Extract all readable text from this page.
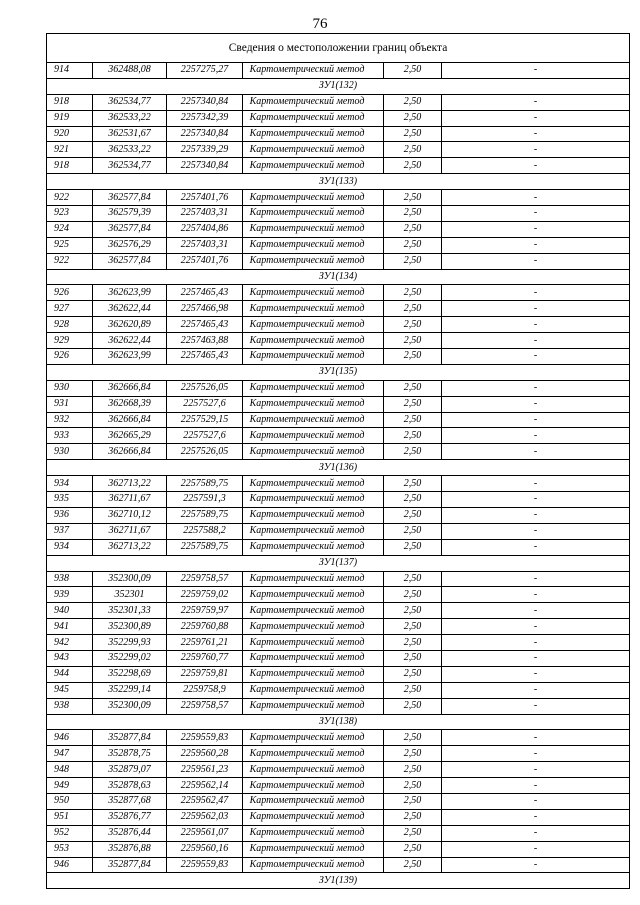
76
Сведения о местоположении границ объекта					
914	362488,08	2257275,27	Картометрический метод	2,50	-
ЗУ1(132)					
918	362534,77	2257340,84	Картометрический метод	2,50	-
919	362533,22	2257342,39	Картометрический метод	2,50	-
920	362531,67	2257340,84	Картометрический метод	2,50	-
921	362533,22	2257339,29	Картометрический метод	2,50	-
918	362534,77	2257340,84	Картометрический метод	2,50	-
ЗУ1(133)					
922	362577,84	2257401,76	Картометрический метод	2,50	-
923	362579,39	2257403,31	Картометрический метод	2,50	-
924	362577,84	2257404,86	Картометрический метод	2,50	-
925	362576,29	2257403,31	Картометрический метод	2,50	-
922	362577,84	2257401,76	Картометрический метод	2,50	-
ЗУ1(134)					
926	362623,99	2257465,43	Картометрический метод	2,50	-
927	362622,44	2257466,98	Картометрический метод	2,50	-
928	362620,89	2257465,43	Картометрический метод	2,50	-
929	362622,44	2257463,88	Картометрический метод	2,50	-
926	362623,99	2257465,43	Картометрический метод	2,50	-
ЗУ1(135)					
930	362666,84	2257526,05	Картометрический метод	2,50	-
931	362668,39	2257527,6	Картометрический метод	2,50	-
932	362666,84	2257529,15	Картометрический метод	2,50	-
933	362665,29	2257527,6	Картометрический метод	2,50	-
930	362666,84	2257526,05	Картометрический метод	2,50	-
ЗУ1(136)					
934	362713,22	2257589,75	Картометрический метод	2,50	-
935	362711,67	2257591,3	Картометрический метод	2,50	-
936	362710,12	2257589,75	Картометрический метод	2,50	-
937	362711,67	2257588,2	Картометрический метод	2,50	-
934	362713,22	2257589,75	Картометрический метод	2,50	-
ЗУ1(137)					
938	352300,09	2259758,57	Картометрический метод	2,50	-
939	352301	2259759,02	Картометрический метод	2,50	-
940	352301,33	2259759,97	Картометрический метод	2,50	-
941	352300,89	2259760,88	Картометрический метод	2,50	-
942	352299,93	2259761,21	Картометрический метод	2,50	-
943	352299,02	2259760,77	Картометрический метод	2,50	-
944	352298,69	2259759,81	Картометрический метод	2,50	-
945	352299,14	2259758,9	Картометрический метод	2,50	-
938	352300,09	2259758,57	Картометрический метод	2,50	-
ЗУ1(138)					
946	352877,84	2259559,83	Картометрический метод	2,50	-
947	352878,75	2259560,28	Картометрический метод	2,50	-
948	352879,07	2259561,23	Картометрический метод	2,50	-
949	352878,63	2259562,14	Картометрический метод	2,50	-
950	352877,68	2259562,47	Картометрический метод	2,50	-
951	352876,77	2259562,03	Картометрический метод	2,50	-
952	352876,44	2259561,07	Картометрический метод	2,50	-
953	352876,88	2259560,16	Картометрический метод	2,50	-
946	352877,84	2259559,83	Картометрический метод	2,50	-
ЗУ1(139)					
